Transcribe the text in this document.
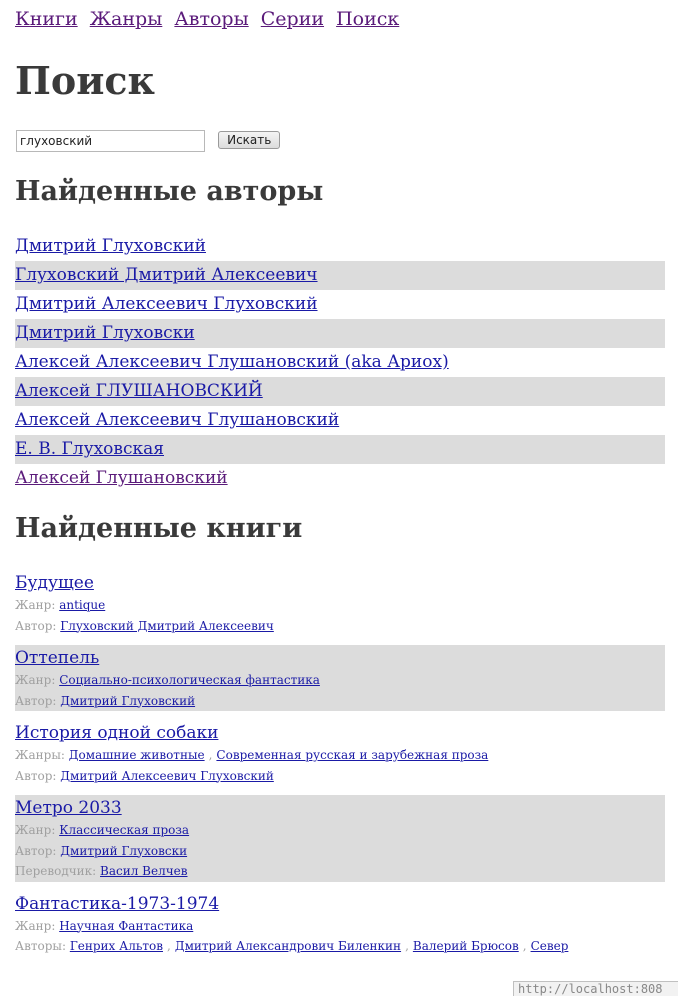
Книги Жанры Авторы Серии Поиск
Поиск
глуховский Искать
Найденные авторы
Дмитрий Глуховский
Глуховский Дмитрий Алексеевич
Дмитрий Алексеевич Глуховский
Дмитрий Глуховски
Алексей Алексеевич Глушановский (aka Ариох)
Алексей ГЛУШАНОВСКИЙ
Алексей Алексеевич Глушановский
Е. В. Глуховская
Алексей Глушановский
Найденные книги
Будущее
Жанр: antique
Автор: Глуховский Дмитрий Алексеевич
Оттепель
Жанр: Социально-психологическая фантастика
Автор: Дмитрий Глуховский
История одной собаки
Жанры: Домашние животные , Современная русская и зарубежная проза
Автор: Дмитрий Алексеевич Глуховский
Метро 2033
Жанр: Классическая проза
Автор: Дмитрий Глуховски
Переводчик: Васил Велчев
Фантастика-1973-1974
Жанр: Научная Фантастика
Авторы: Генрих Альтов , Дмитрий Александрович Биленкин , Валерий Брюсов , Север
http://localhost:808
